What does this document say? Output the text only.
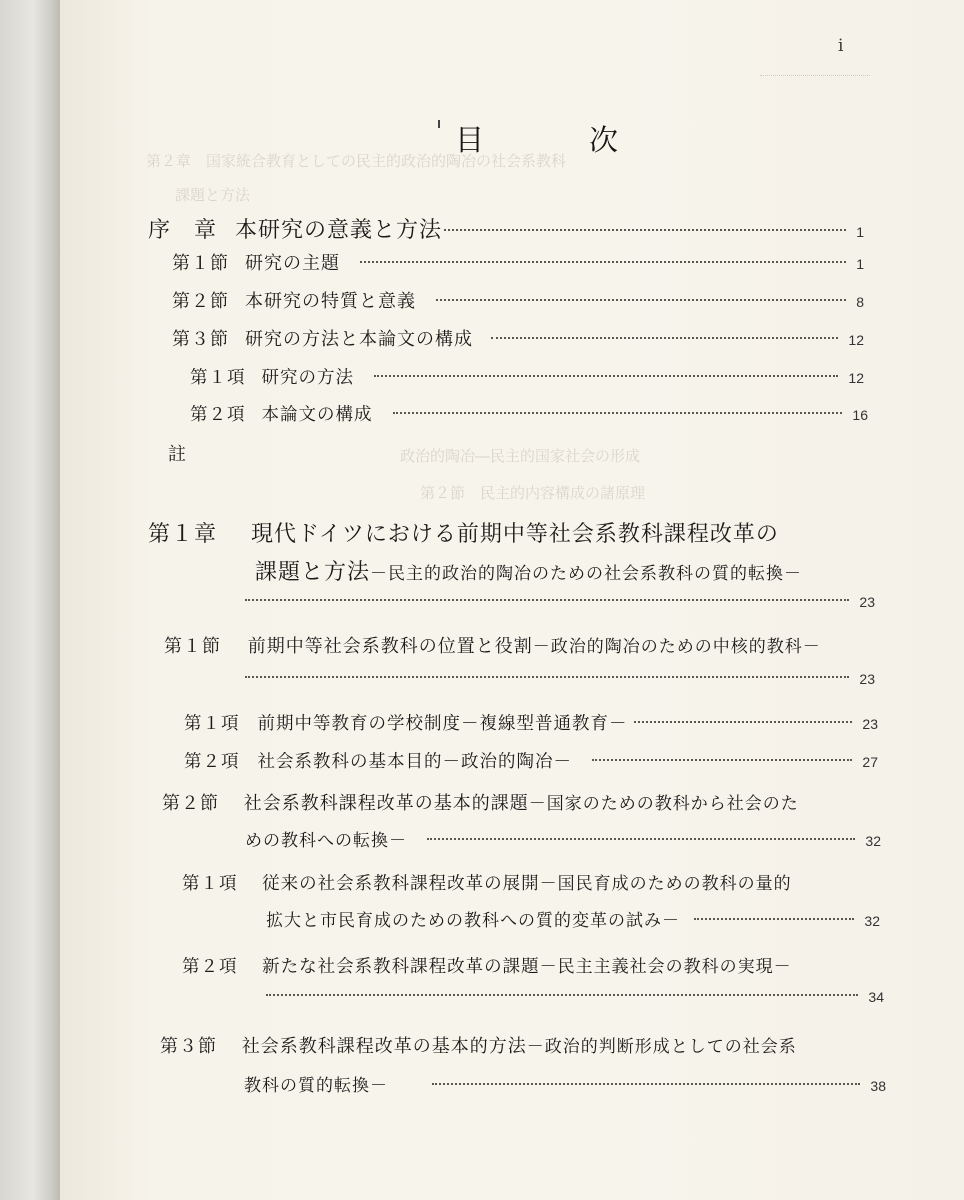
第２章　国家統合教育としての民主的政治的陶冶の社会系教科
課題と方法
政治的陶冶―民主的国家社会の形成
第２節　民主的内容構成の諸原理
i
目　次
序　章 本研究の意義と方法	1
第１節 研究の主題	1
第２節 本研究の特質と意義	8
第３節 研究の方法と本論文の構成	12
第１項 研究の方法	12
第２項 本論文の構成	16
註
第１章 現代ドイツにおける前期中等社会系教科課程改革の
課題と方法－民主的政治的陶冶のための社会系教科の質的転換－
23
第１節 前期中等社会系教科の位置と役割－政治的陶冶のための中核的教科－
23
第１項 前期中等教育の学校制度 －複線型普通教育－	23
第２項 社会系教科の基本目的 －政治的陶冶－	27
第２節 社会系教科課程改革の基本的課題－国家のための教科から社会のた
めの教科への転換－	32
第１項 従来の社会系教科課程改革の展開－国民育成のための教科の量的
拡大と市民育成のための教科への質的変革の試み－	32
第２項 新たな社会系教科課程改革の課題－民主主義社会の教科の実現－
34
第３節 社会系教科課程改革の基本的方法－政治的判断形成としての社会系
教科の質的転換－	38
